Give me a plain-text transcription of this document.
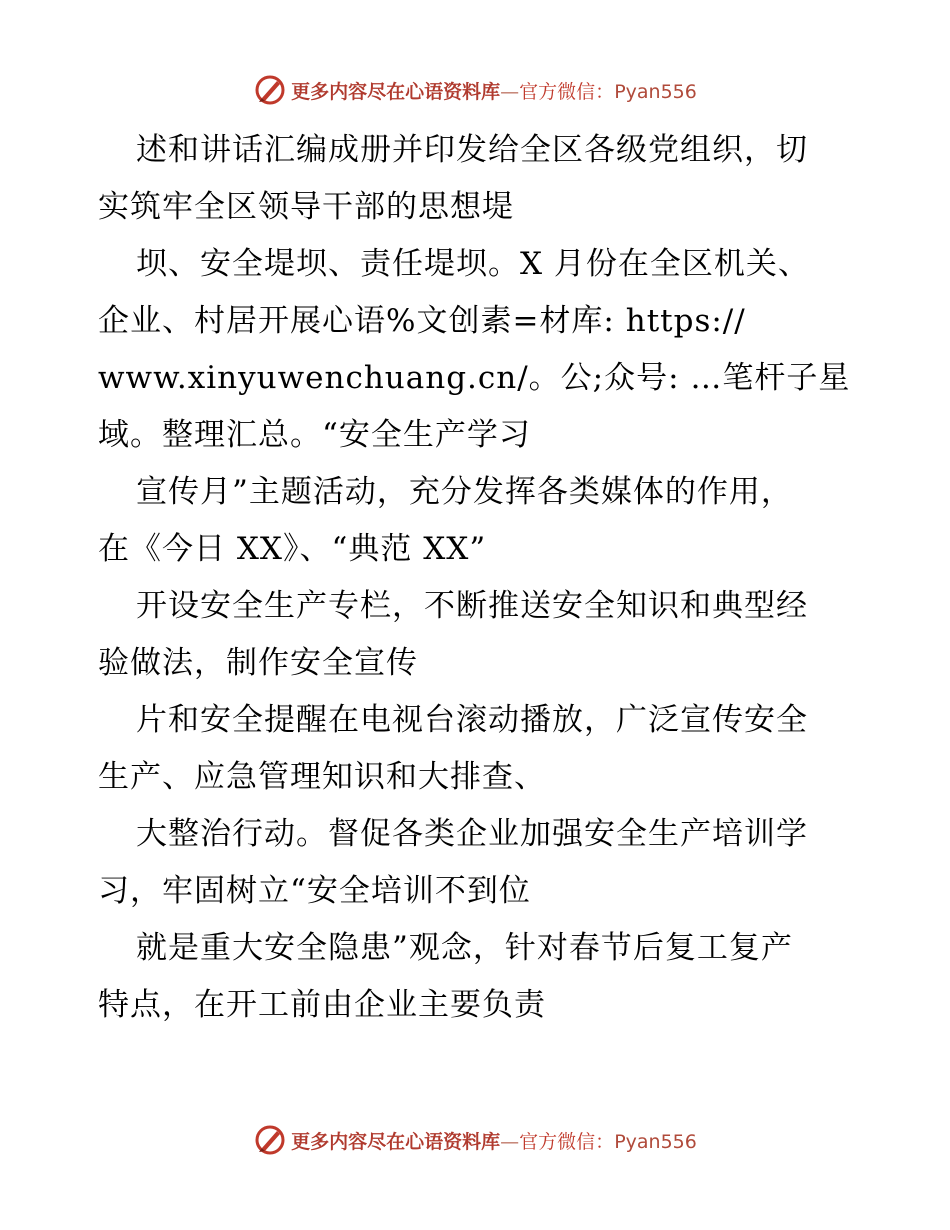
更多内容尽在心语资料库—官方微信：Pyan556
述和讲话汇编成册并印发给全区各级党组织，切
实筑牢全区领导干部的思想堤
坝、安全堤坝、责任堤坝。X 月份在全区机关、
企业、村居开展心语%文创素=材库: https://
www.xinyuwenchuang.cn/。公;众号: …笔杆子星
域。整理汇总。“安全生产学习
宣传月”主题活动，充分发挥各类媒体的作用，
在《今日 XX》、“典范 XX”
开设安全生产专栏，不断推送安全知识和典型经
验做法，制作安全宣传
片和安全提醒在电视台滚动播放，广泛宣传安全
生产、应急管理知识和大排查、
大整治行动。督促各类企业加强安全生产培训学
习，牢固树立“安全培训不到位
就是重大安全隐患”观念，针对春节后复工复产
特点，在开工前由企业主要负责
更多内容尽在心语资料库—官方微信：Pyan556
